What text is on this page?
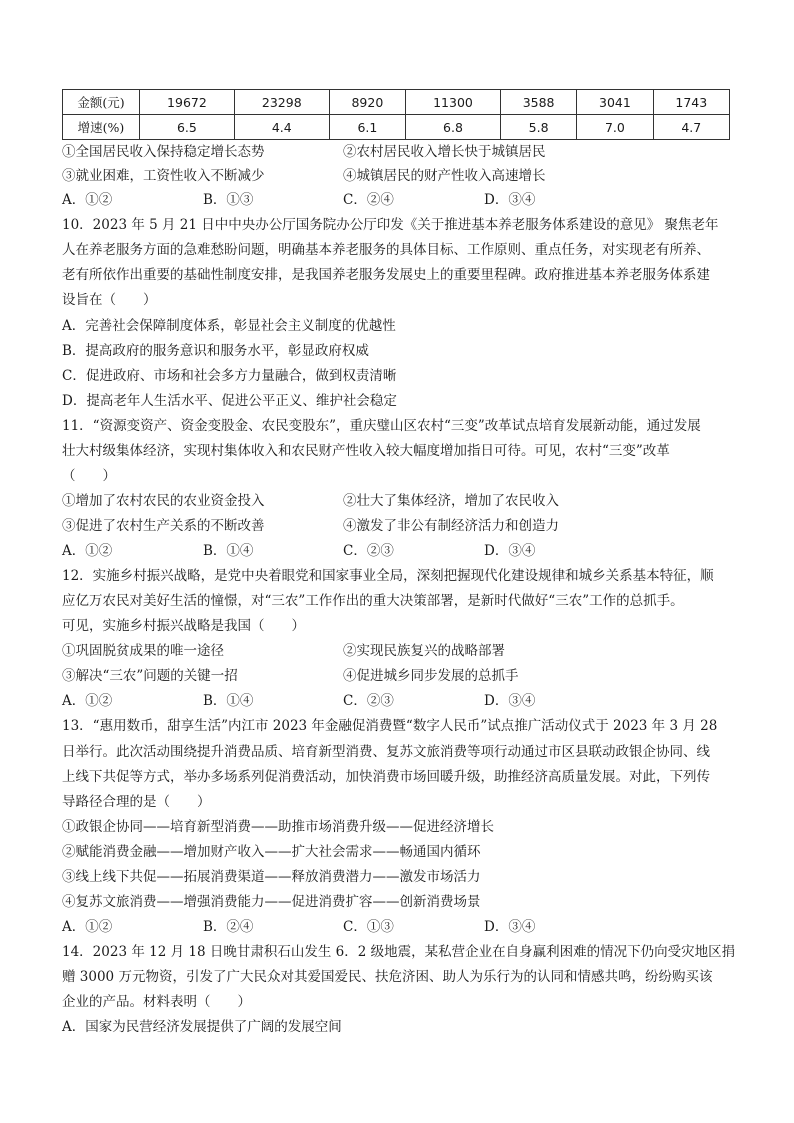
金额(元)	19672	23298	8920	11300	3588	3041	1743
增速(%)	6.5	4.4	6.1	6.8	5.8	7.0	4.7
①全国居民收入保持稳定增长态势	②农村居民收入增长快于城镇居民
③就业困难，工资性收入不断减少	④城镇居民的财产性收入高速增长
A．①②	B．①③	C．②④	D．③④
10．2023 年 5 月 21 日中中央办公厅国务院办公厅印发《关于推进基本养老服务体系建设的意见》 聚焦老年
人在养老服务方面的急难愁盼问题，明确基本养老服务的具体目标、工作原则、重点任务，对实现老有所养、
老有所依作出重要的基础性制度安排，是我国养老服务发展史上的重要里程碑。政府推进基本养老服务体系建
设旨在（　　）
A．完善社会保障制度体系，彰显社会主义制度的优越性
B．提高政府的服务意识和服务水平，彰显政府权威
C．促进政府、市场和社会多方力量融合，做到权责清晰
D．提高老年人生活水平、促进公平正义、维护社会稳定
11．“资源变资产、资金变股金、农民变股东”，重庆璧山区农村“三变”改革试点培育发展新动能，通过发展
壮大村级集体经济，实现村集体收入和农民财产性收入较大幅度增加指日可待。可见，农村“三变”改革
（　　）
①增加了农村农民的农业资金投入	②壮大了集体经济，增加了农民收入
③促进了农村生产关系的不断改善	④激发了非公有制经济活力和创造力
A．①②	B．①④	C．②③	D．③④
12．实施乡村振兴战略，是党中央着眼党和国家事业全局，深刻把握现代化建设规律和城乡关系基本特征，顺
应亿万农民对美好生活的憧憬，对“三农”工作作出的重大决策部署，是新时代做好“三农”工作的总抓手。
可见，实施乡村振兴战略是我国（　　）
①巩固脱贫成果的唯一途径	②实现民族复兴的战略部署
③解决“三农”问题的关键一招	④促进城乡同步发展的总抓手
A．①②	B．①④	C．②③	D．③④
13．“惠用数币，甜享生活”内江市 2023 年金融促消费暨“数字人民币”试点推广活动仪式于 2023 年 3 月 28
日举行。此次活动围绕提升消费品质、培育新型消费、复苏文旅消费等项行动通过市区县联动政银企协同、线
上线下共促等方式，举办多场系列促消费活动，加快消费市场回暖升级，助推经济高质量发展。对此，下列传
导路径合理的是（　　）
①政银企协同——培育新型消费——助推市场消费升级——促进经济增长
②赋能消费金融——增加财产收入——扩大社会需求——畅通国内循环
③线上线下共促——拓展消费渠道——释放消费潜力——激发市场活力
④复苏文旅消费——增强消费能力——促进消费扩容——创新消费场景
A．①②	B．②④	C．①③	D．③④
14．2023 年 12 月 18 日晚甘肃积石山发生 6．2 级地震，某私营企业在自身赢利困难的情况下仍向受灾地区捐
赠 3000 万元物资，引发了广大民众对其爱国爱民、扶危济困、助人为乐行为的认同和情感共鸣，纷纷购买该
企业的产品。材料表明（　　）
A．国家为民营经济发展提供了广阔的发展空间
